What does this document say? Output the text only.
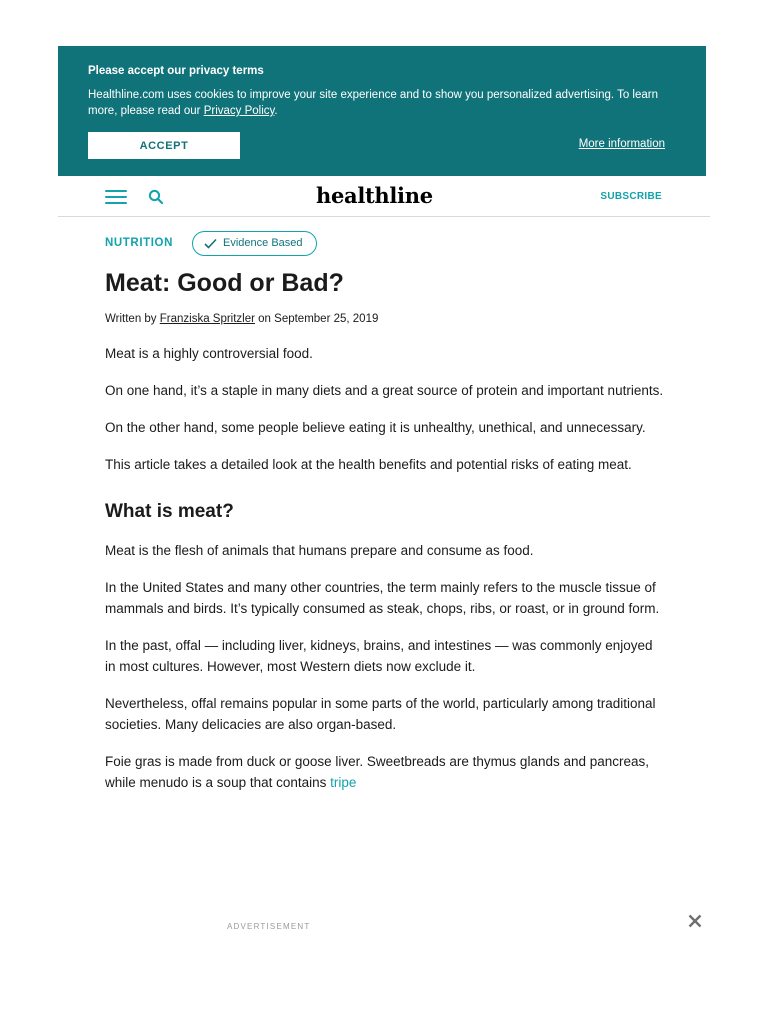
Please accept our privacy terms
Healthline.com uses cookies to improve your site experience and to show you personalized advertising. To learn more, please read our Privacy Policy.
ACCEPT	More information
healthline	SUBSCRIBE
NUTRITION	Evidence Based
Meat: Good or Bad?
Written by Franziska Spritzler on September 25, 2019

Meat is a highly controversial food.

On one hand, it’s a staple in many diets and a great source of protein and important nutrients.

On the other hand, some people believe eating it is unhealthy, unethical, and unnecessary.

This article takes a detailed look at the health benefits and potential risks of eating meat.

What is meat?

Meat is the flesh of animals that humans prepare and consume as food.

In the United States and many other countries, the term mainly refers to the muscle tissue of mammals and birds. It’s typically consumed as steak, chops, ribs, or roast, or in ground form.

In the past, offal — including liver, kidneys, brains, and intestines — was commonly enjoyed in most cultures. However, most Western diets now exclude it.

Nevertheless, offal remains popular in some parts of the world, particularly among traditional societies. Many delicacies are also organ-based.

Foie gras is made from duck or goose liver. Sweetbreads are thymus glands and pancreas, while menudo is a soup that contains tripe

ADVERTISEMENT
